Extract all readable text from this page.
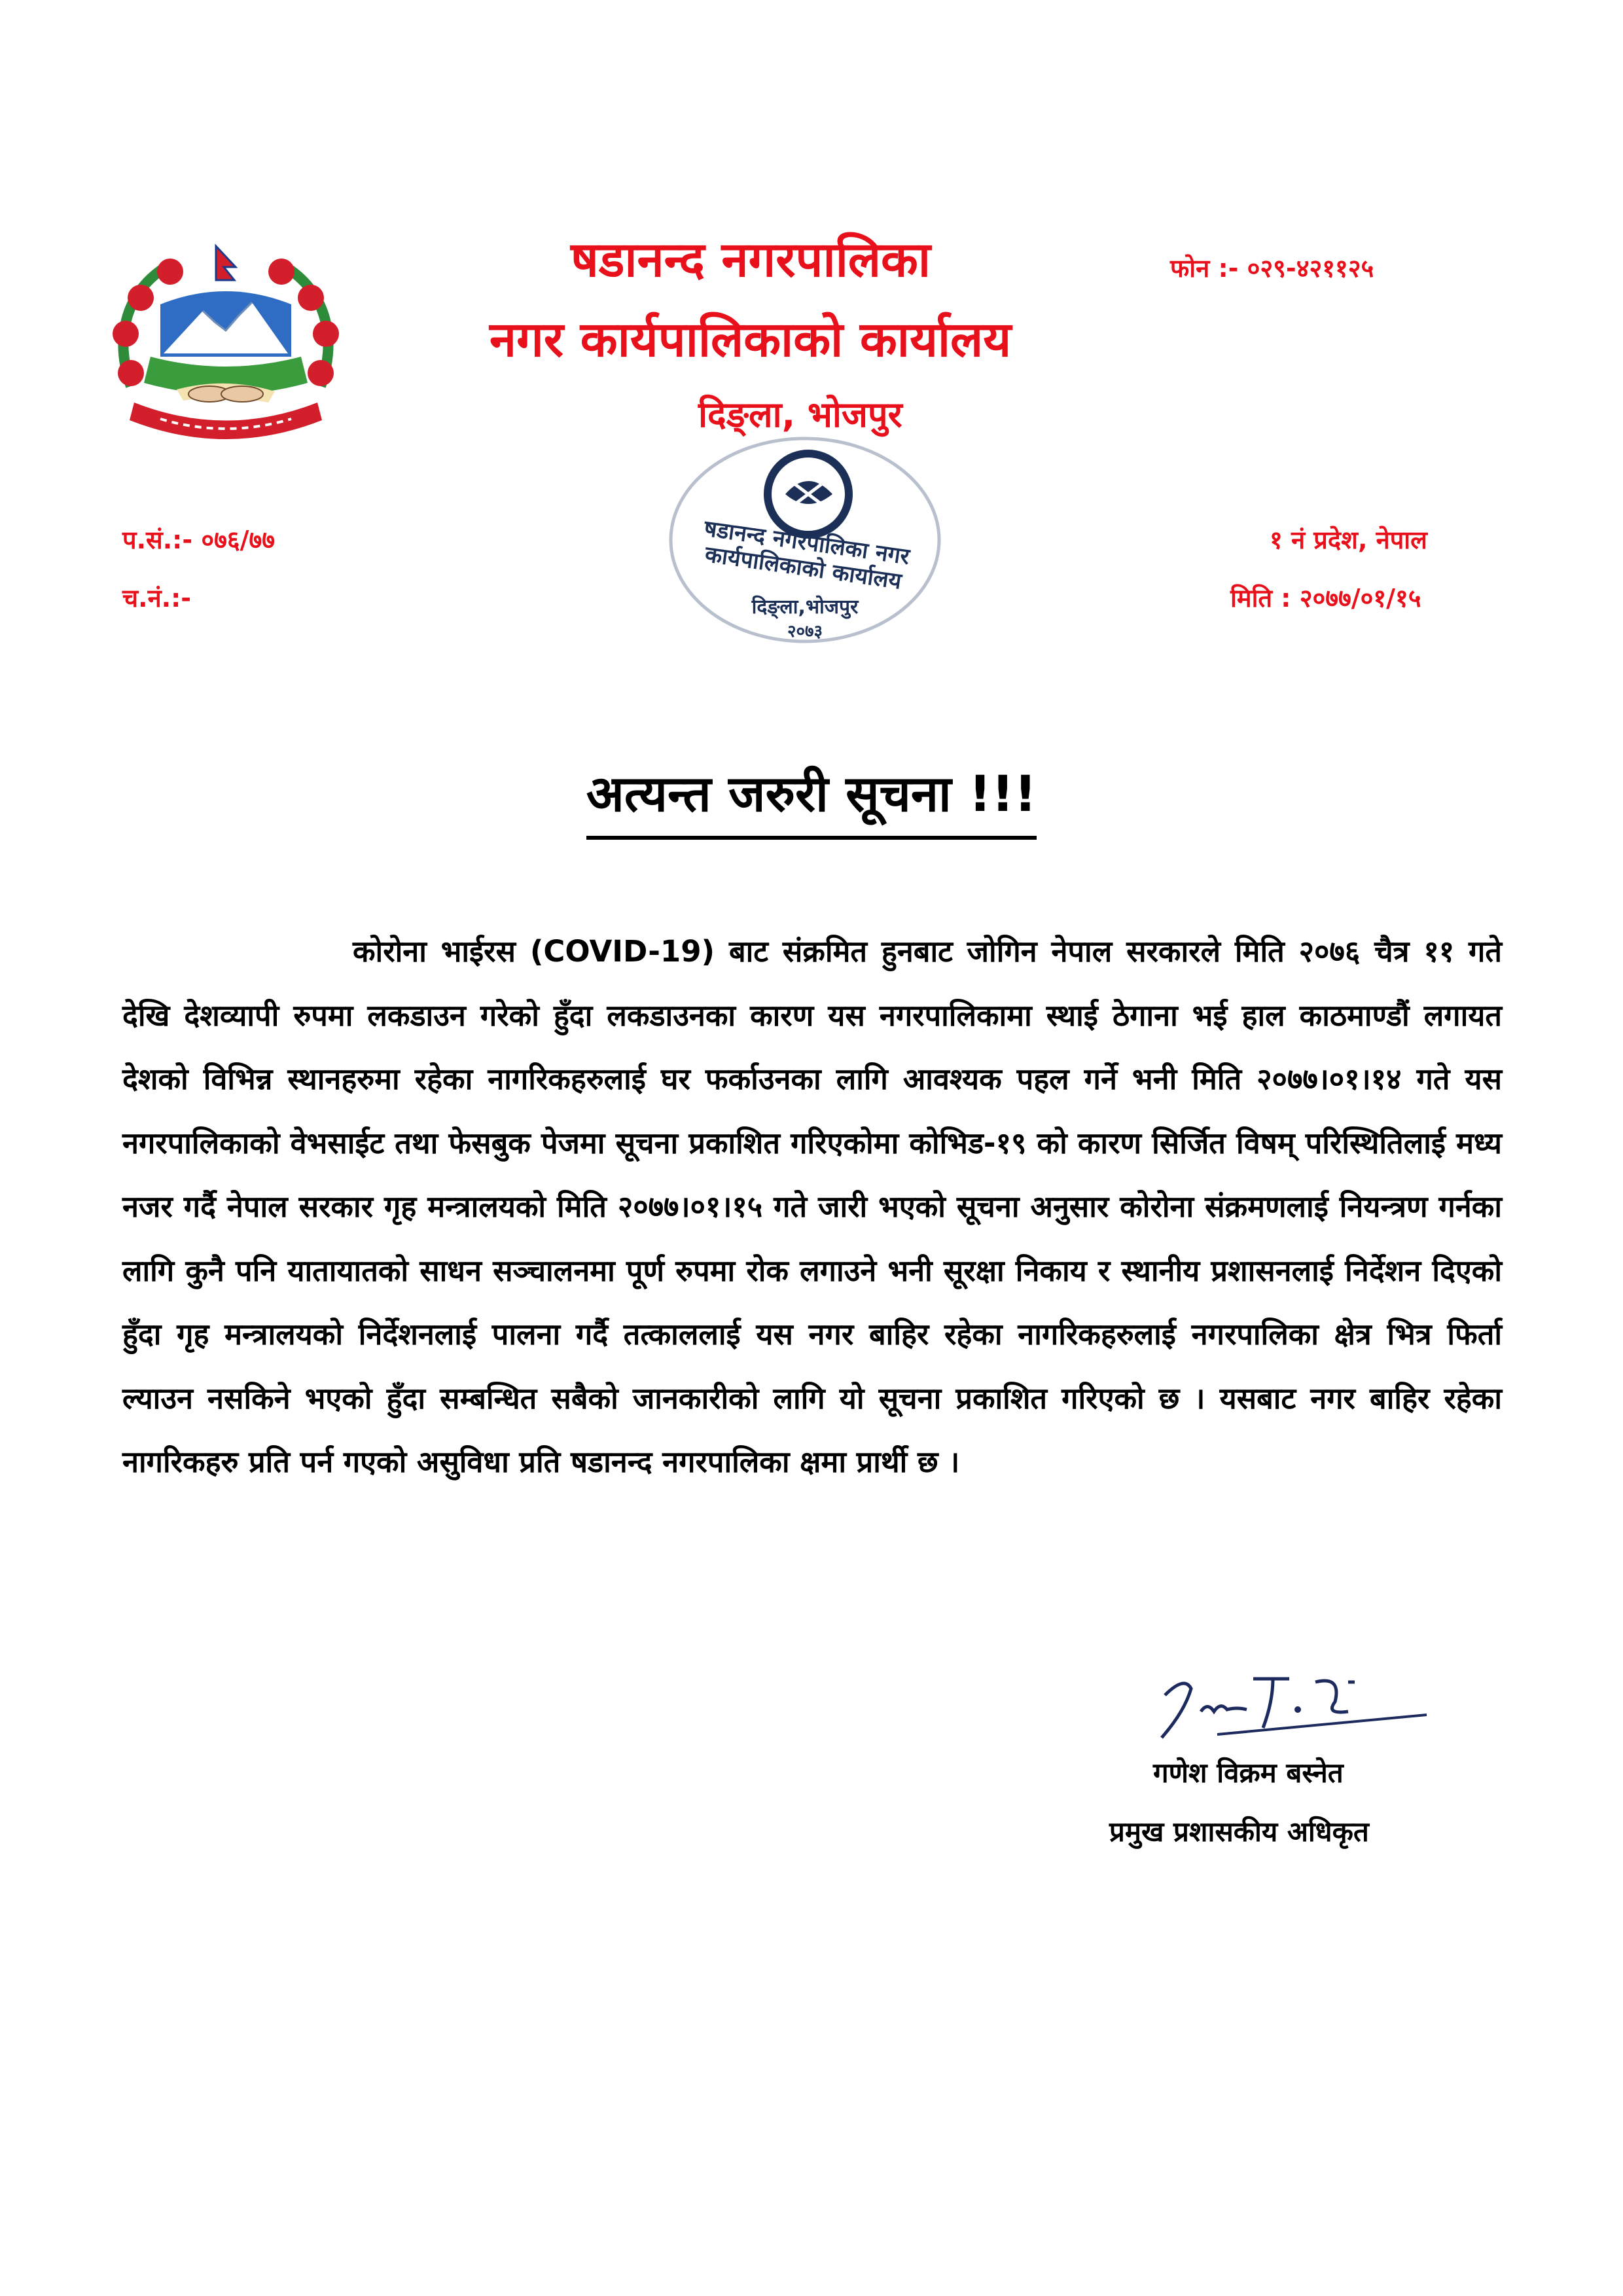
षडानन्द नगरपालिका
नगर कार्यपालिकाको कार्यालय
दिङ्ला, भोजपुर
फोन :- ०२९-४२११२५
१ नं प्रदेश, नेपाल
प.सं.:- ०७६/७७
च.नं.:-	मिति : २०७७/०१/१५
षडानन्द नगरपालिका नगर कार्यपालिकाको कार्यालय
दिङ्ला,भोजपुर
२०७३
अत्यन्त जरुरी सूचना !!!

कोरोना भाईरस (COVID-19) बाट संक्रमित हुनबाट जोगिन नेपाल सरकारले मिति २०७६ चैत्र ११ गते देखि देशव्यापी रुपमा लकडाउन गरेको हुँदा लकडाउनका कारण यस नगरपालिकामा स्थाई ठेगाना भई हाल काठमाण्डौं लगायत देशको विभिन्न स्थानहरुमा रहेका नागरिकहरुलाई घर फर्काउनका लागि आवश्यक पहल गर्ने भनी मिति २०७७।०१।१४ गते यस नगरपालिकाको वेभसाईट तथा फेसबुक पेजमा सूचना प्रकाशित गरिएकोमा कोभिड-१९ को कारण सिर्जित विषम् परिस्थितिलाई मध्य नजर गर्दै नेपाल सरकार गृह मन्त्रालयको मिति २०७७।०१।१५ गते जारी भएको सूचना अनुसार कोरोना संक्रमणलाई नियन्त्रण गर्नका लागि कुनै पनि यातायातको साधन सञ्चालनमा पूर्ण रुपमा रोक लगाउने भनी सूरक्षा निकाय र स्थानीय प्रशासनलाई निर्देशन दिएको हुँदा गृह मन्त्रालयको निर्देशनलाई पालना गर्दै तत्काललाई यस नगर बाहिर रहेका नागरिकहरुलाई नगरपालिका क्षेत्र भित्र फिर्ता ल्याउन नसकिने भएको हुँदा सम्बन्धित सबैको जानकारीको लागि यो सूचना प्रकाशित गरिएको छ । यसबाट नगर बाहिर रहेका नागरिकहरु प्रति पर्न गएको असुविधा प्रति षडानन्द नगरपालिका क्षमा प्रार्थी छ ।

गणेश विक्रम बस्नेत
प्रमुख प्रशासकीय अधिकृत
